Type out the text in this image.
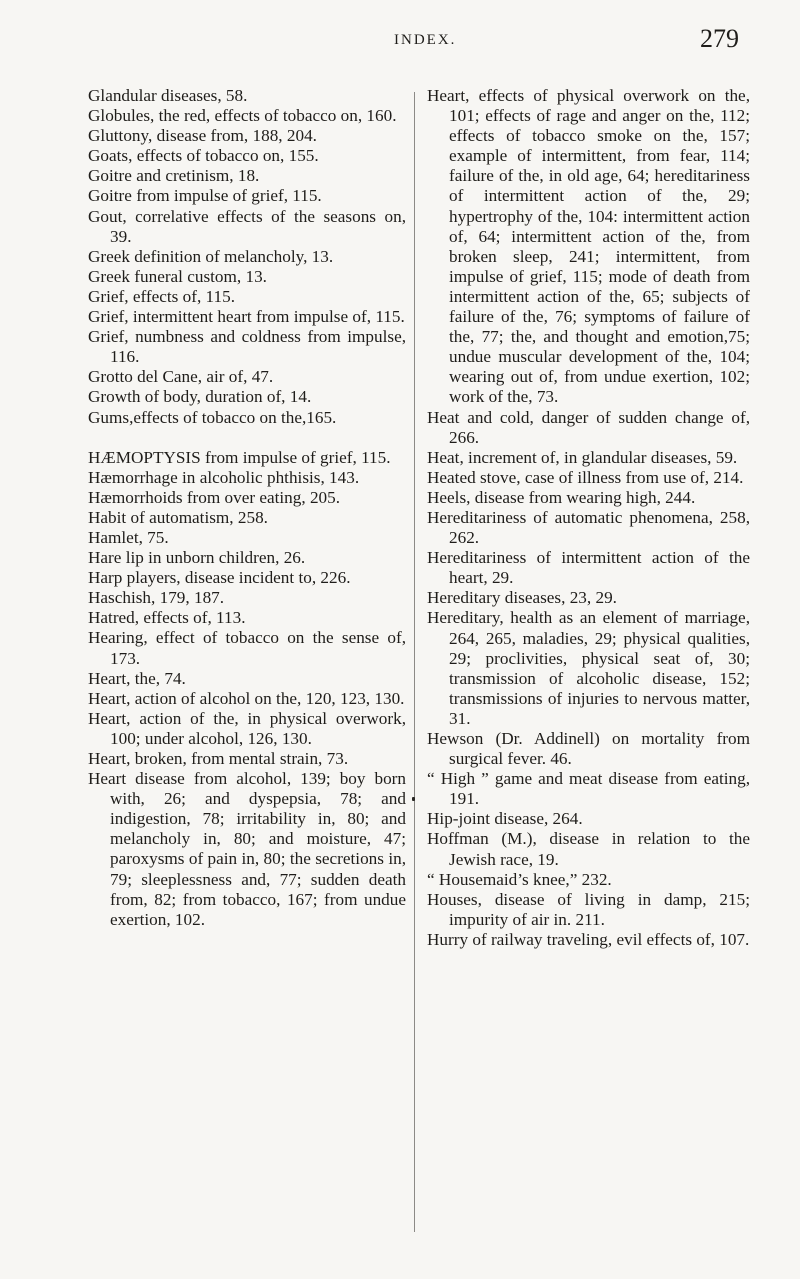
INDEX.	279
Glandular diseases, 58.
Globules, the red, effects of tobacco on, 160.
Gluttony, disease from, 188, 204.
Goats, effects of tobacco on, 155.
Goitre and cretinism, 18.
Goitre from impulse of grief, 115.
Gout, correlative effects of the seasons on, 39.
Greek definition of melancholy, 13.
Greek funeral custom, 13.
Grief, effects of, 115.
Grief, intermittent heart from impulse of, 115.
Grief, numbness and coldness from impulse, 116.
Grotto del Cane, air of, 47.
Growth of body, duration of, 14.
Gums,effects of tobacco on the,165.
HÆMOPTYSIS from impulse of grief, 115.
Hæmorrhage in alcoholic phthisis, 143.
Hæmorrhoids from over eating, 205.
Habit of automatism, 258.
Hamlet, 75.
Hare lip in unborn children, 26.
Harp players, disease incident to, 226.
Haschish, 179, 187.
Hatred, effects of, 113.
Hearing, effect of tobacco on the sense of, 173.
Heart, the, 74.
Heart, action of alcohol on the, 120, 123, 130.
Heart, action of the, in physical overwork, 100; under alcohol, 126, 130.
Heart, broken, from mental strain, 73.
Heart disease from alcohol, 139; boy born with, 26; and dyspepsia, 78; and indigestion, 78; irritability in, 80; and melancholy in, 80; and moisture, 47; paroxysms of pain in, 80; the secretions in, 79; sleeplessness and, 77; sudden death from, 82; from tobacco, 167; from undue exertion, 102.
Heart, effects of physical overwork on the, 101; effects of rage and anger on the, 112; effects of tobacco smoke on the, 157; example of intermittent, from fear, 114; failure of the, in old age, 64; hereditariness of intermittent action of the, 29; hypertrophy of the, 104: intermittent action of, 64; intermittent action of the, from broken sleep, 241; intermittent, from impulse of grief, 115; mode of death from intermittent action of the, 65; subjects of failure of the, 76; symptoms of failure of the, 77; the, and thought and emotion,75; undue muscular development of the, 104; wearing out of, from undue exertion, 102; work of the, 73.
Heat and cold, danger of sudden change of, 266.
Heat, increment of, in glandular diseases, 59.
Heated stove, case of illness from use of, 214.
Heels, disease from wearing high, 244.
Hereditariness of automatic phenomena, 258, 262.
Hereditariness of intermittent action of the heart, 29.
Hereditary diseases, 23, 29.
Hereditary, health as an element of marriage, 264, 265, maladies, 29; physical qualities, 29; proclivities, physical seat of, 30; transmission of alcoholic disease, 152; transmissions of injuries to nervous matter, 31.
Hewson (Dr. Addinell) on mortality from surgical fever. 46.
“ High ” game and meat disease from eating, 191.
Hip-joint disease, 264.
Hoffman (M.), disease in relation to the Jewish race, 19.
“ Housemaid’s knee,” 232.
Houses, disease of living in damp, 215; impurity of air in. 211.
Hurry of railway traveling, evil effects of, 107.
